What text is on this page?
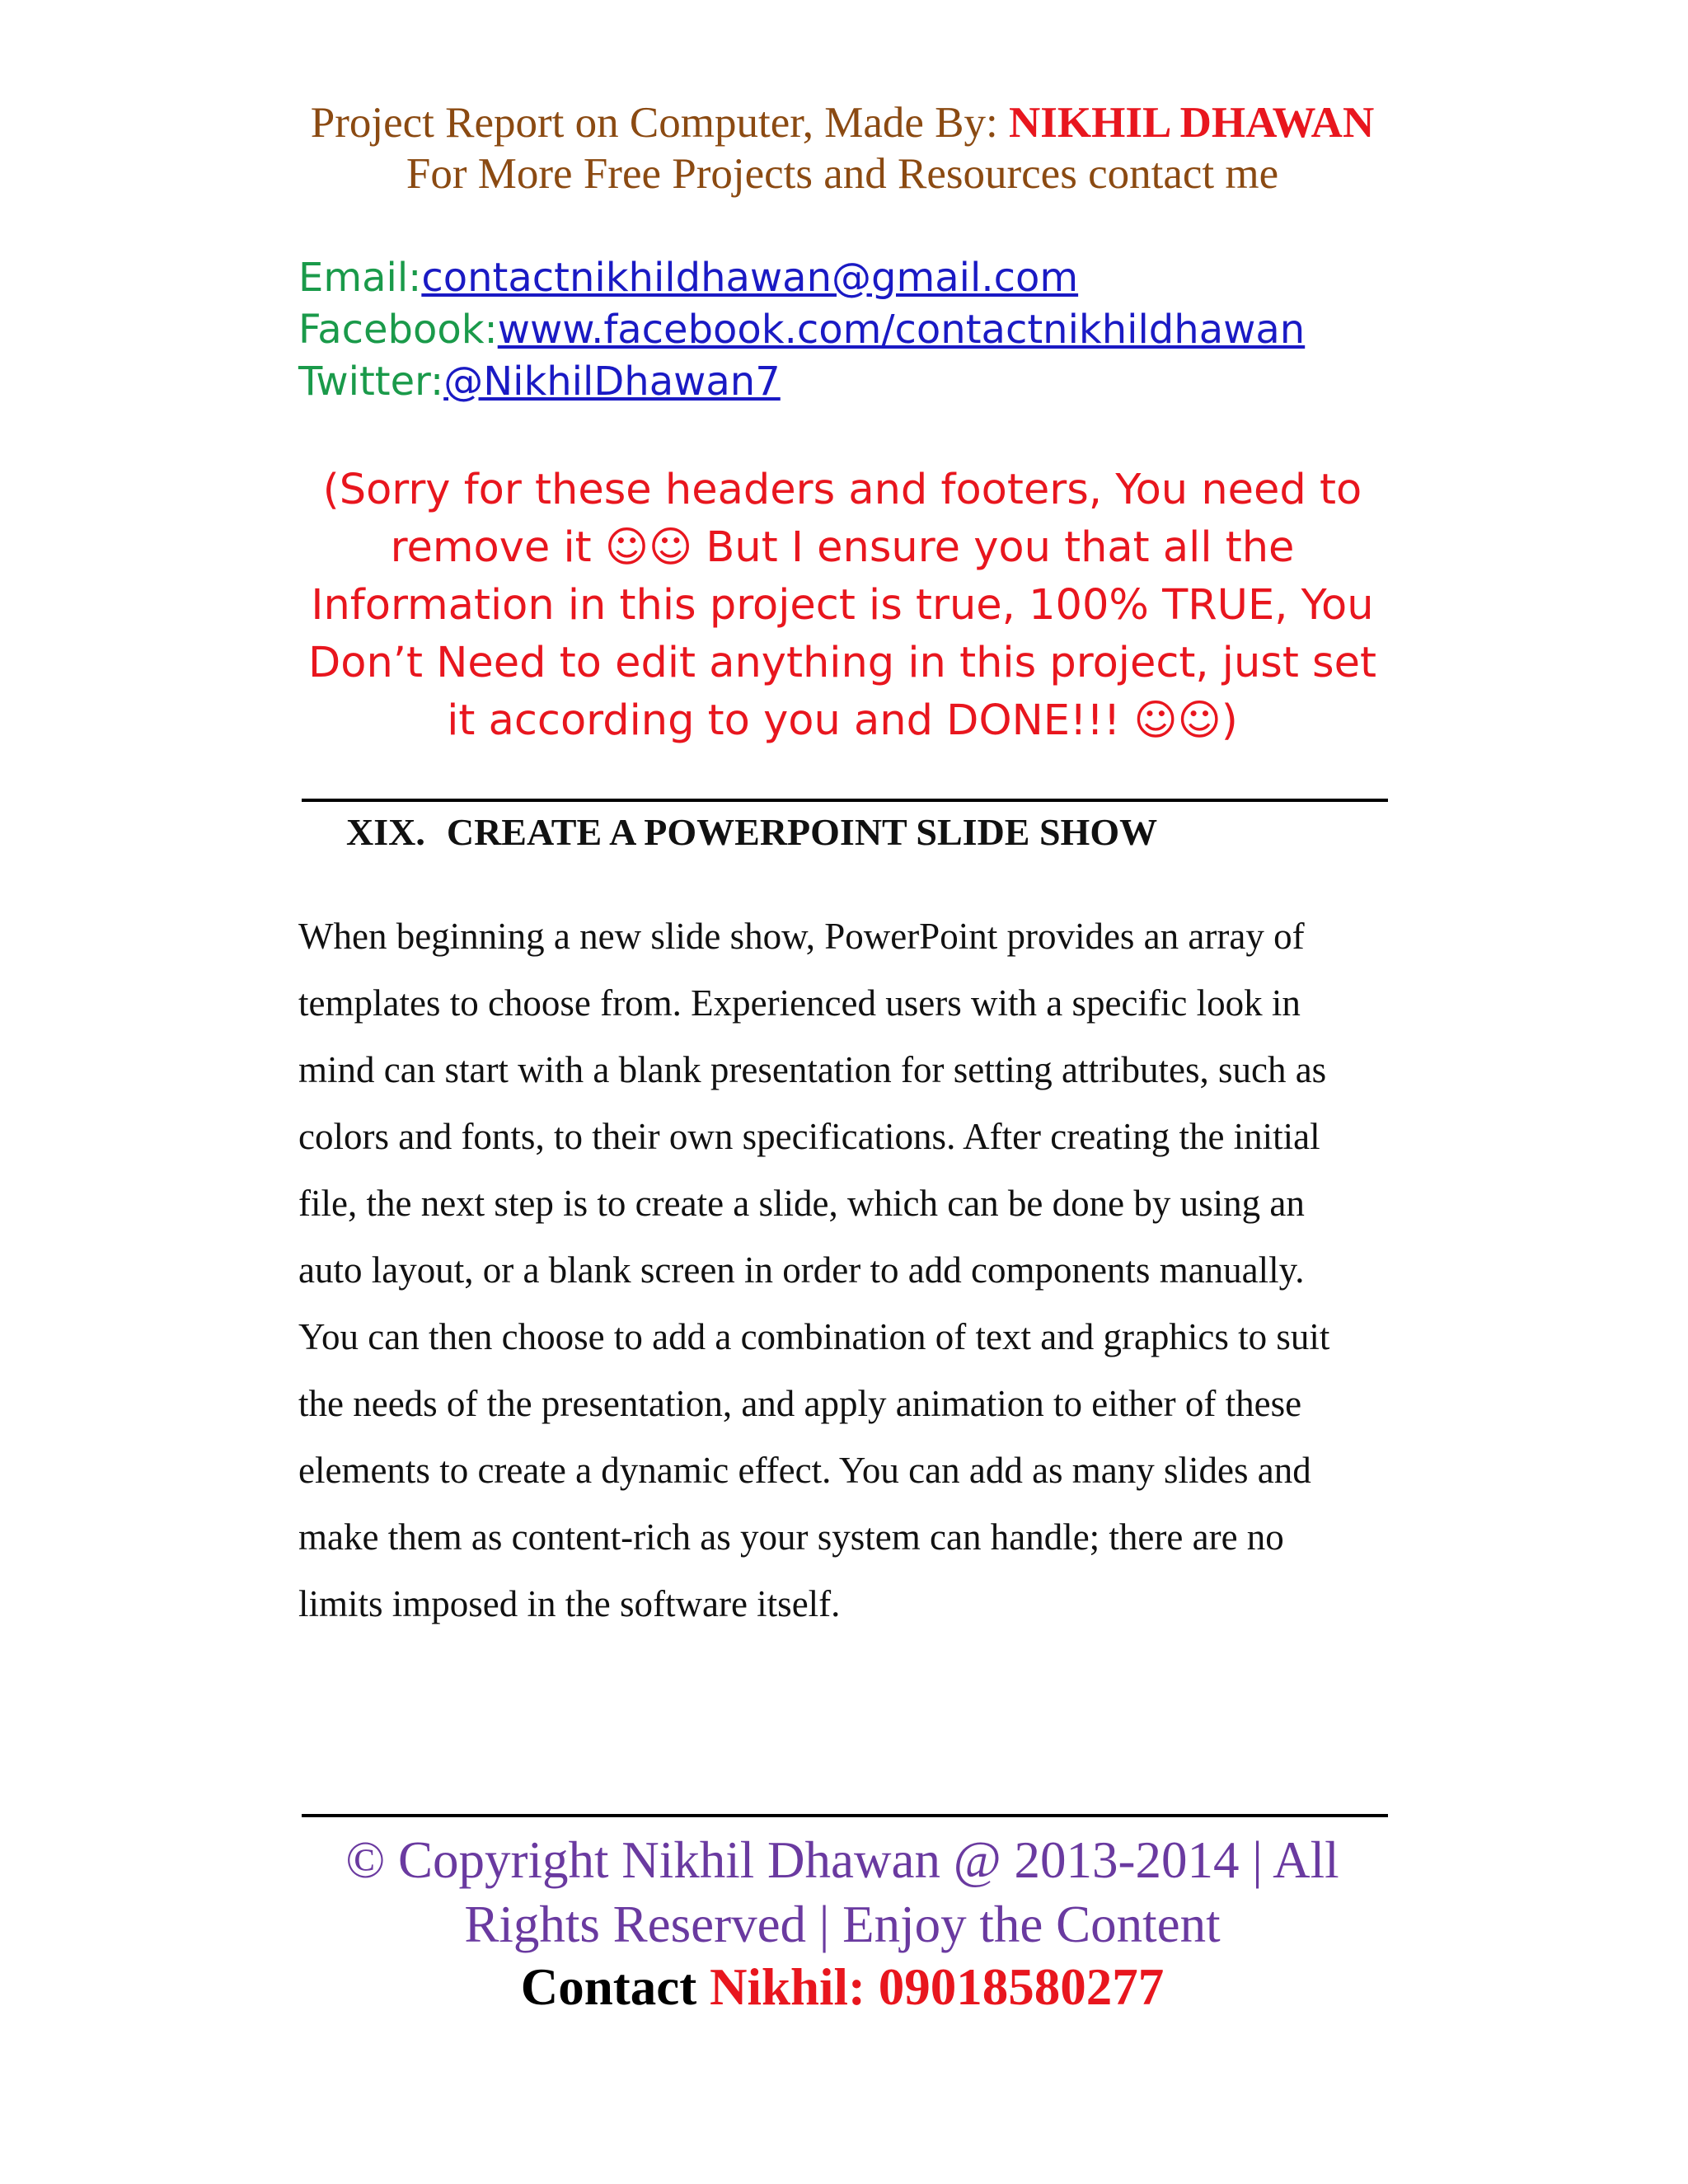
Project Report on Computer, Made By: NIKHIL DHAWAN
For More Free Projects and Resources contact me
Email:contactnikhildhawan@gmail.com
Facebook:www.facebook.com/contactnikhildhawan
Twitter:@NikhilDhawan7
(Sorry for these headers and footers, You need to
remove it ☺☺ But I ensure you that all the
Information in this project is true, 100% TRUE, You
Don’t Need to edit anything in this project, just set
it according to you and DONE!!! ☺☺)
XIX. CREATE A POWERPOINT SLIDE SHOW
When beginning a new slide show, PowerPoint provides an array of
templates to choose from. Experienced users with a specific look in
mind can start with a blank presentation for setting attributes, such as
colors and fonts, to their own specifications. After creating the initial
file, the next step is to create a slide, which can be done by using an
auto layout, or a blank screen in order to add components manually.
You can then choose to add a combination of text and graphics to suit
the needs of the presentation, and apply animation to either of these
elements to create a dynamic effect. You can add as many slides and
make them as content-rich as your system can handle; there are no
limits imposed in the software itself.
© Copyright Nikhil Dhawan @ 2013-2014 | All
Rights Reserved | Enjoy the Content
Contact Nikhil: 09018580277
